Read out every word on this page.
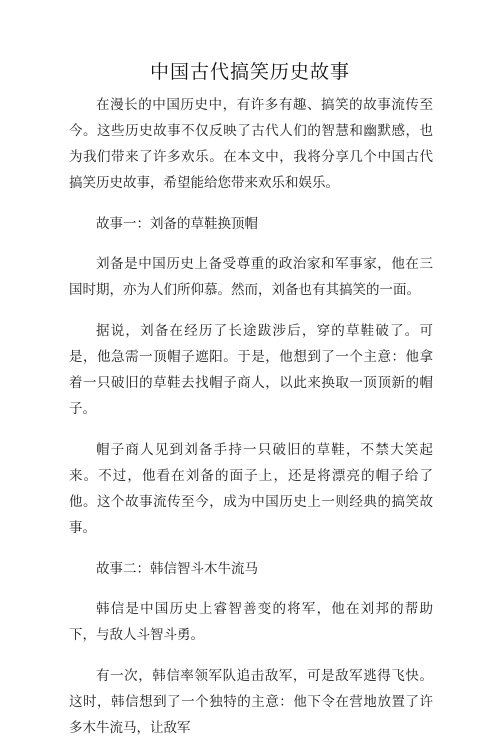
中国古代搞笑历史故事

在漫长的中国历史中，有许多有趣、搞笑的故事流传至今。这些历史故事不仅反映了古代人们的智慧和幽默感，也为我们带来了许多欢乐。在本文中，我将分享几个中国古代搞笑历史故事，希望能给您带来欢乐和娱乐。

故事一：刘备的草鞋换顶帽

刘备是中国历史上备受尊重的政治家和军事家，他在三国时期，亦为人们所仰慕。然而，刘备也有其搞笑的一面。

据说，刘备在经历了长途跋涉后，穿的草鞋破了。可是，他急需一顶帽子遮阳。于是，他想到了一个主意：他拿着一只破旧的草鞋去找帽子商人，以此来换取一顶顶新的帽子。

帽子商人见到刘备手持一只破旧的草鞋，不禁大笑起来。不过，他看在刘备的面子上，还是将漂亮的帽子给了他。这个故事流传至今，成为中国历史上一则经典的搞笑故事。

故事二：韩信智斗木牛流马

韩信是中国历史上睿智善变的将军，他在刘邦的帮助下，与敌人斗智斗勇。

有一次，韩信率领军队追击敌军，可是敌军逃得飞快。这时，韩信想到了一个独特的主意：他下令在营地放置了许多木牛流马，让敌军
